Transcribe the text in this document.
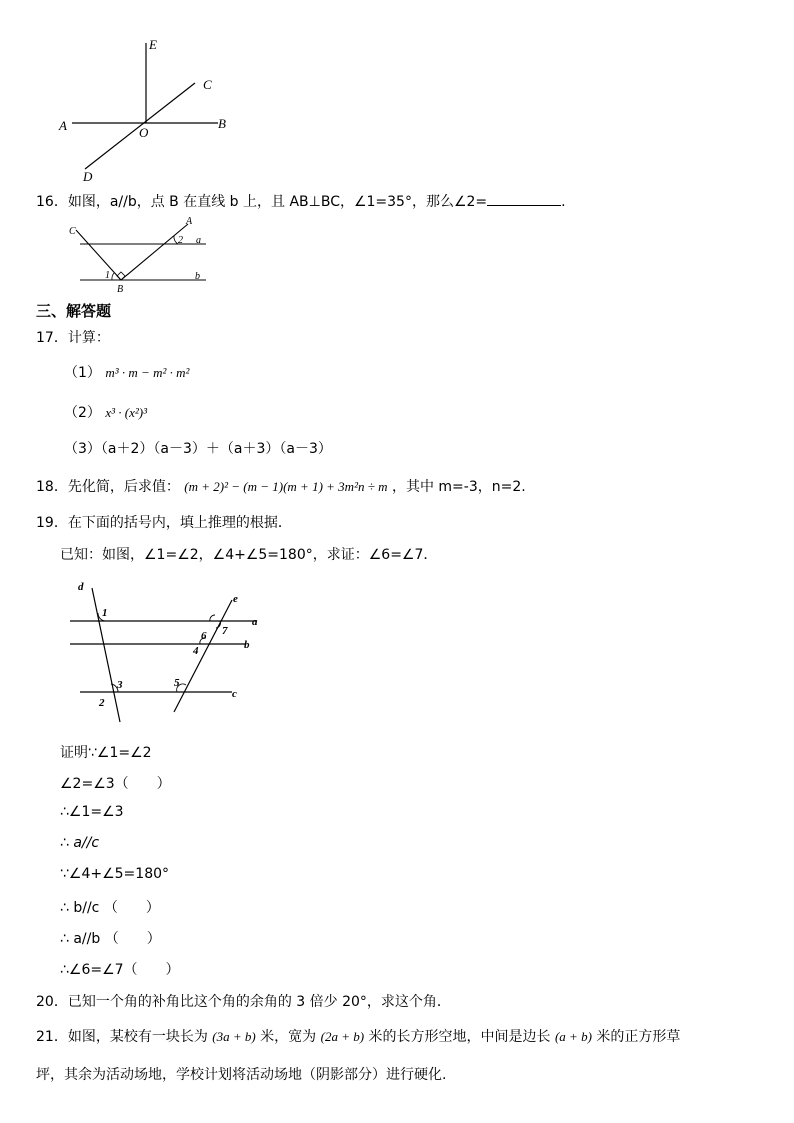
E
C
A	O
B
D
16．如图，a//b，点 B 在直线 b 上，且 AB⊥BC，∠1=35°，那么∠2=	.
C
A
2 a
1	b
B
三、解答题
17．计算：
（1） m³ · m − m² · m²
（2） x³ · (x²)³
（3）（a＋2）（a－3）＋（a＋3）（a－3）
18．先化简，后求值： (m + 2)² − (m − 1)(m + 1) + 3m²n ÷ m ，其中 m=-3，n=2.
19．在下面的括号内，填上推理的根据．
已知：如图，∠1=∠2，∠4+∠5=180°，求证：∠6=∠7．
d
e
a
b
c
1
6 7
4
3	5
2
证明∵∠1=∠2
∠2=∠3（　　）
∴∠1=∠3
∴ a//c
∵∠4+∠5=180°
∴ b//c （　　）
∴ a//b （　　）
∴∠6=∠7（　　）
20．已知一个角的补角比这个角的余角的 3 倍少 20°，求这个角．
21．如图，某校有一块长为 (3a + b) 米，宽为 (2a + b) 米的长方形空地，中间是边长 (a + b) 米的正方形草
坪，其余为活动场地，学校计划将活动场地（阴影部分）进行硬化.
